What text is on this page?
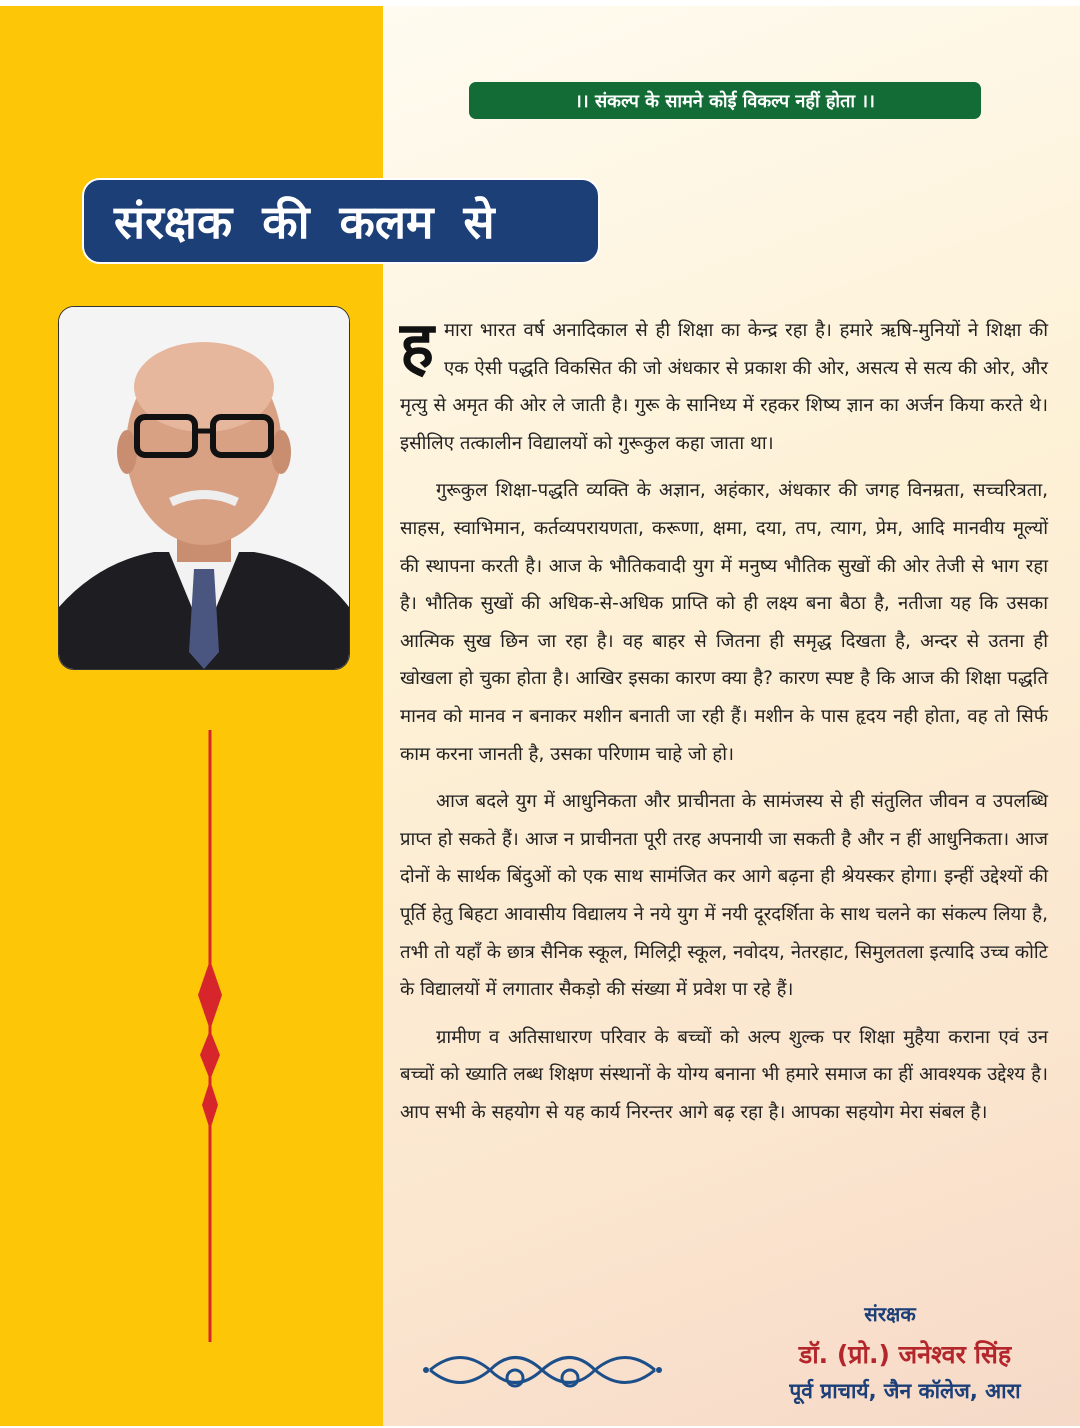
।। संकल्प के सामने कोई विकल्प नहीं होता ।।
संरक्षक की कलम से

हमारा भारत वर्ष अनादिकाल से ही शिक्षा का केन्द्र रहा है। हमारे ऋषि-मुनियों ने शिक्षा की एक ऐसी पद्धति विकसित की जो अंधकार से प्रकाश की ओर, असत्य से सत्य की ओर, और मृत्यु से अमृत की ओर ले जाती है। गुरू के सानिध्य में रहकर शिष्य ज्ञान का अर्जन किया करते थे। इसीलिए तत्कालीन विद्यालयों को गुरूकुल कहा जाता था।

गुरूकुल शिक्षा-पद्धति व्यक्ति के अज्ञान, अहंकार, अंधकार की जगह विनम्रता, सच्चरित्रता, साहस, स्वाभिमान, कर्तव्यपरायणता, करूणा, क्षमा, दया, तप, त्याग, प्रेम, आदि मानवीय मूल्यों की स्थापना करती है। आज के भौतिकवादी युग में मनुष्य भौतिक सुखों की ओर तेजी से भाग रहा है। भौतिक सुखों की अधिक-से-अधिक प्राप्ति को ही लक्ष्य बना बैठा है, नतीजा यह कि उसका आत्मिक सुख छिन जा रहा है। वह बाहर से जितना ही समृद्ध दिखता है, अन्दर से उतना ही खोखला हो चुका होता है। आखिर इसका कारण क्या है? कारण स्पष्ट है कि आज की शिक्षा पद्धति मानव को मानव न बनाकर मशीन बनाती जा रही हैं। मशीन के पास हृदय नही होता, वह तो सिर्फ काम करना जानती है, उसका परिणाम चाहे जो हो।

आज बदले युग में आधुनिकता और प्राचीनता के सामंजस्य से ही संतुलित जीवन व उपलब्धि प्राप्त हो सकते हैं। आज न प्राचीनता पूरी तरह अपनायी जा सकती है और न हीं आधुनिकता। आज दोनों के सार्थक बिंदुओं को एक साथ सामंजित कर आगे बढ़ना ही श्रेयस्कर होगा। इन्हीं उद्देश्यों की पूर्ति हेतु बिहटा आवासीय विद्यालय ने नये युग में नयी दूरदर्शिता के साथ चलने का संकल्प लिया है, तभी तो यहाँ के छात्र सैनिक स्कूल, मिलिट्री स्कूल, नवोदय, नेतरहाट, सिमुलतला इत्यादि उच्च कोटि के विद्यालयों में लगातार सैकड़ो की संख्या में प्रवेश पा रहे हैं।

ग्रामीण व अतिसाधारण परिवार के बच्चों को अल्प शुल्क पर शिक्षा मुहैया कराना एवं उन बच्चों को ख्याति लब्ध शिक्षण संस्थानों के योग्य बनाना भी हमारे समाज का हीं आवश्यक उद्देश्य है। आप सभी के सहयोग से यह कार्य निरन्तर आगे बढ़ रहा है। आपका सहयोग मेरा संबल है।

संरक्षक
डॉ. (प्रो.) जनेश्वर सिंह
पूर्व प्राचार्य, जैन कॉलेज, आरा
